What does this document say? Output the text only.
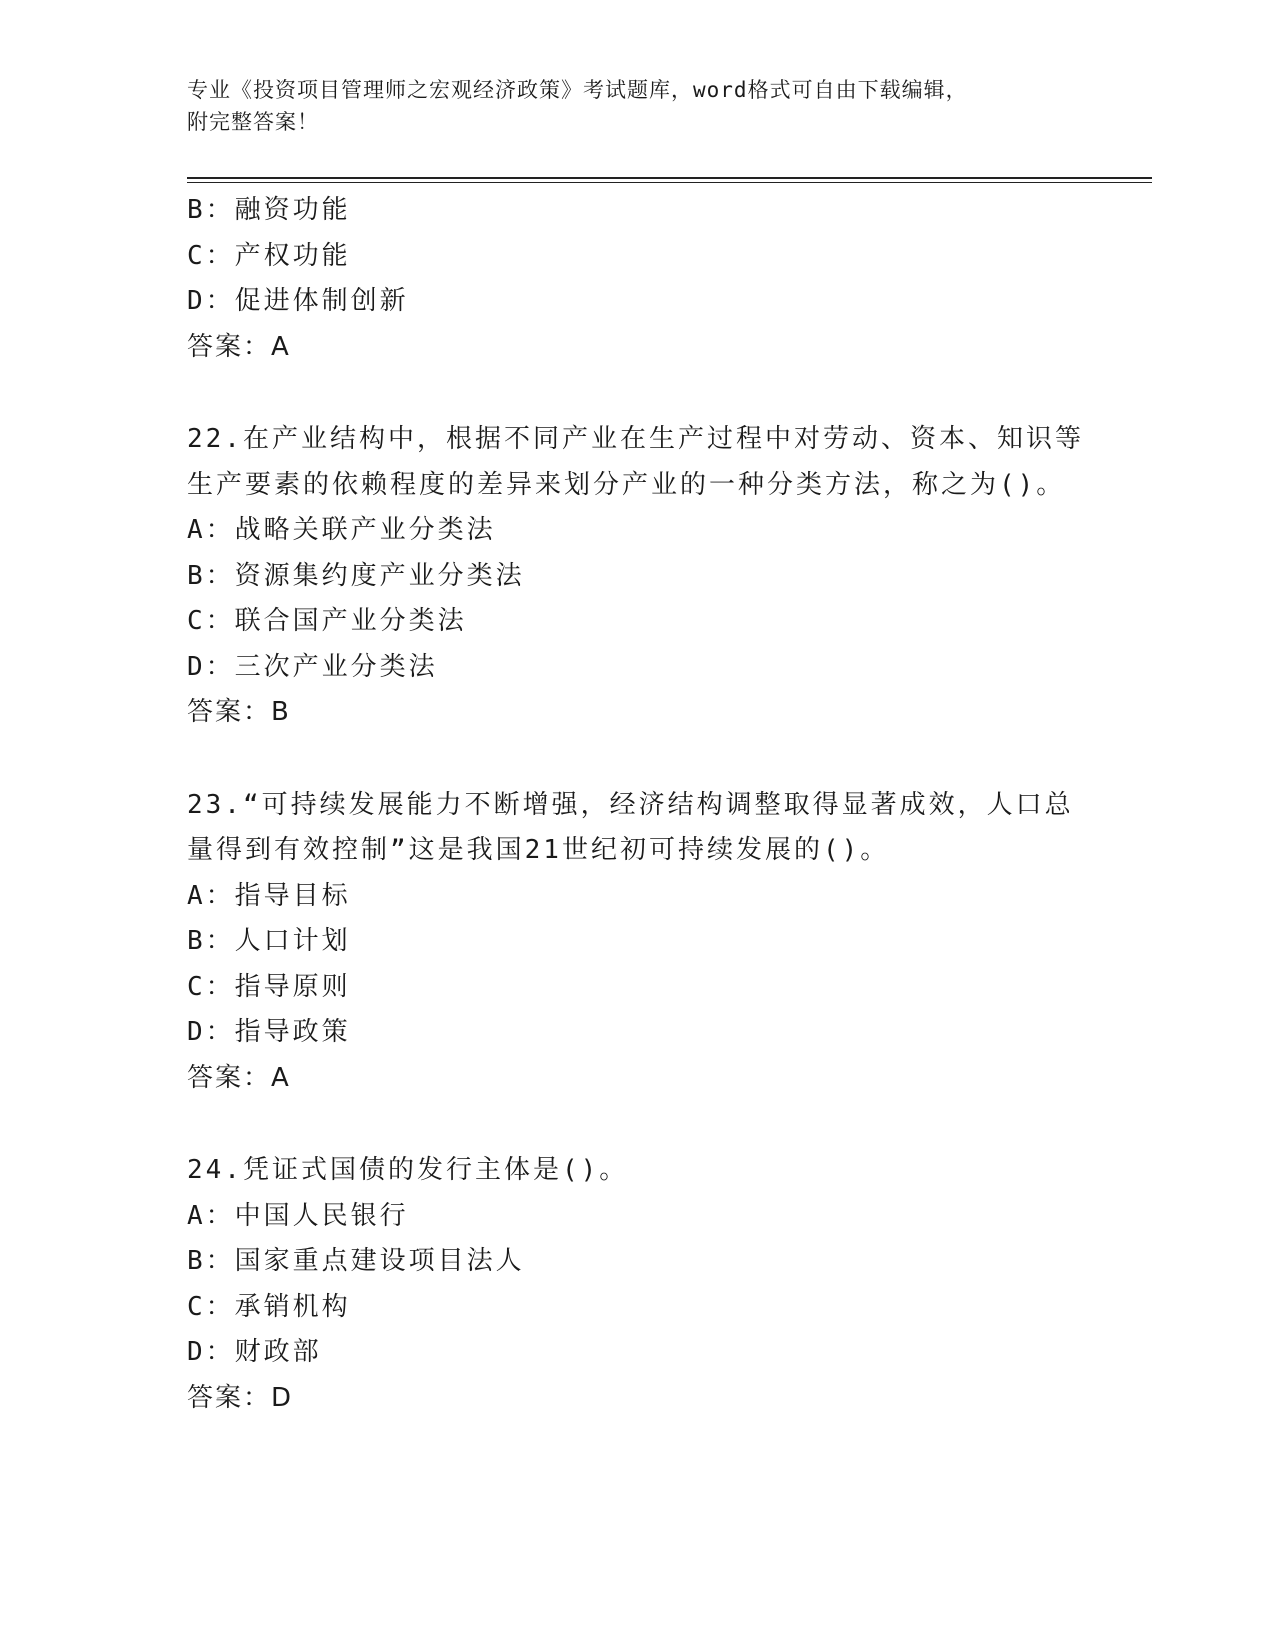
专业《投资项目管理师之宏观经济政策》考试题库，word格式可自由下载编辑，
附完整答案！
B：融资功能
C：产权功能
D：促进体制创新
答案：A
22.在产业结构中，根据不同产业在生产过程中对劳动、资本、知识等
生产要素的依赖程度的差异来划分产业的一种分类方法，称之为()。
A：战略关联产业分类法
B：资源集约度产业分类法
C：联合国产业分类法
D：三次产业分类法
答案：B
23.“可持续发展能力不断增强，经济结构调整取得显著成效，人口总
量得到有效控制”这是我国21世纪初可持续发展的()。
A：指导目标
B：人口计划
C：指导原则
D：指导政策
答案：A
24.凭证式国债的发行主体是()。
A：中国人民银行
B：国家重点建设项目法人
C：承销机构
D：财政部
答案：D
